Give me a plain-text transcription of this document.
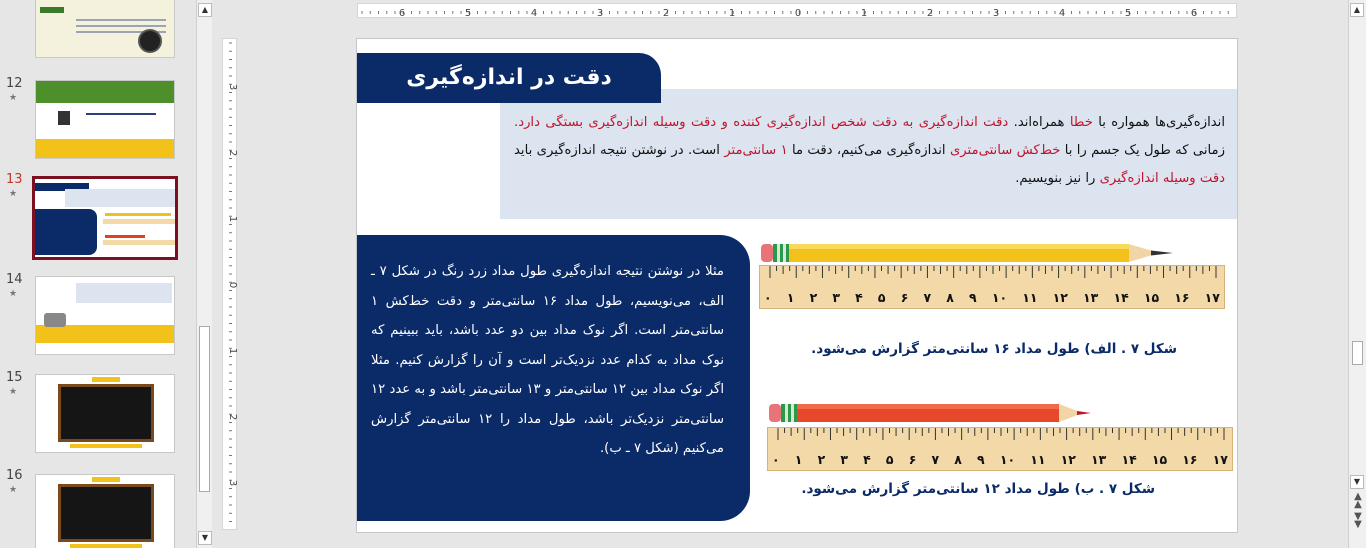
12
★
13
★
14
★
15
★
16
★
▲
▼
6	5	4	3	2	1	0	1	2	3	4	5	6
3
2
1
0
1
2
3
اندازه‌گیری‌ها همواره با خطا همراه‌اند. دقت اندازه‌گیری به دقت شخص اندازه‌گیری کننده و دقت وسیله اندازه‌گیری بستگی دارد. زمانی که طول یک جسم را با خط‌کش سانتی‌متری اندازه‌گیری می‌کنیم، دقت ما ۱ سانتی‌متر است. در نوشتن نتیجه اندازه‌گیری باید دقت وسیله اندازه‌گیری را نیز بنویسیم.
دقت در اندازه‌گیری
مثلا در نوشتن نتیجه اندازه‌گیری طول مداد زرد رنگ در شکل ۷ ـ الف، می‌نویسیم، طول مداد ۱۶ سانتی‌متر و دقت خط‌کش ۱ سانتی‌متر است. اگر نوک مداد بین دو عدد باشد، باید ببینیم که نوک مداد به کدام عدد نزدیک‌تر است و آن را گزارش کنیم. مثلا اگر نوک مداد بین ۱۲ سانتی‌متر و ۱۳ سانتی‌متر باشد و به عدد ۱۲ سانتی‌متر نزدیک‌تر باشد، طول مداد را ۱۲ سانتی‌متر گزارش می‌کنیم (شکل ۷ ـ ب).
۰ ۱ ۲ ۳ ۴ ۵ ۶ ۷ ۸ ۹ ۱۰ ۱۱ ۱۲ ۱۳ ۱۴ ۱۵ ۱۶ ۱۷
شکل ۷ . الف) طول مداد ۱۶ سانتی‌متر گزارش می‌شود.
۰ ۱ ۲ ۳ ۴ ۵ ۶ ۷ ۸ ۹ ۱۰ ۱۱ ۱۲ ۱۳ ۱۴ ۱۵ ۱۶ ۱۷
شکل ۷ . ب) طول مداد ۱۲ سانتی‌متر گزارش می‌شود.
▲
▼
▲
▲
▼
▼
